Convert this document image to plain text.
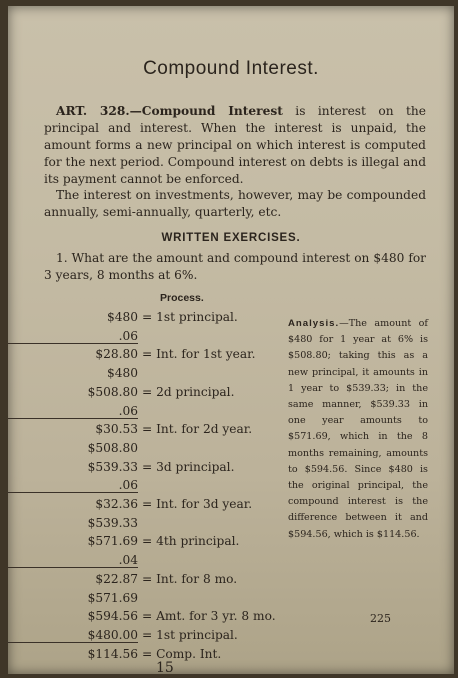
Compound Interest.
ART. 328.—Compound Interest is interest on the principal and interest. When the interest is unpaid, the amount forms a new principal on which interest is computed for the next period. Compound interest on debts is illegal and its payment cannot be enforced.
The interest on investments, however, may be compounded annually, semi-annually, quarterly, etc.
WRITTEN EXERCISES.
1. What are the amount and compound interest on $480 for 3 years, 8 months at 6%.
Process.
$480 = 1st principal.
.06
$28.80 = Int. for 1st year.
$480
$508.80 = 2d principal.
.06
$30.53 = Int. for 2d year.
$508.80
$539.33 = 3d principal.
.06
$32.36 = Int. for 3d year.
$539.33
$571.69 = 4th principal.
.04
$22.87 = Int. for 8 mo.
$571.69
$594.56 = Amt. for 3 yr. 8 mo.
$480.00 = 1st principal.
$114.56 = Comp. Int.
Analysis.—The amount of $480 for 1 year at 6% is $508.80; taking this as a new principal, it amounts in 1 year to $539.33; in the same manner, $539.33 in one year amounts to $571.69, which in the 8 months remaining, amounts to $594.56. Since $480 is the original principal, the compound interest is the difference between it and $594.56, which is $114.56.
225
15
